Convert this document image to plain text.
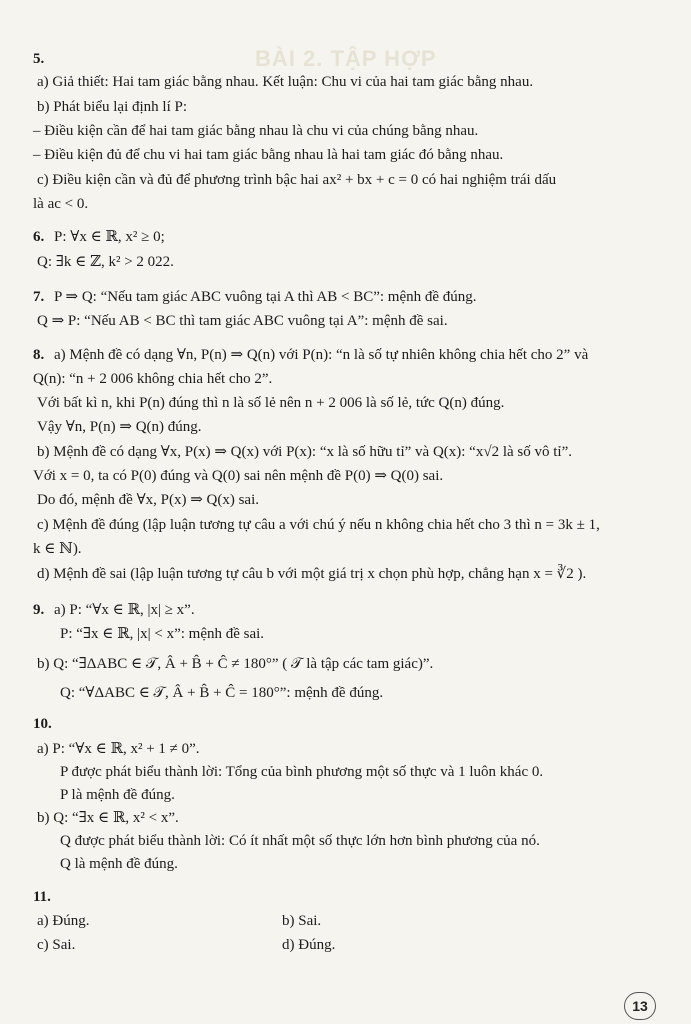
BÀI 2. TẬP HỢP
5.
a) Giả thiết: Hai tam giác bằng nhau. Kết luận: Chu vi của hai tam giác bằng nhau.
b) Phát biểu lại định lí P:
– Điều kiện cần để hai tam giác bằng nhau là chu vi của chúng bằng nhau.
– Điều kiện đủ để chu vi hai tam giác bằng nhau là hai tam giác đó bằng nhau.
c) Điều kiện cần và đủ để phương trình bậc hai ax² + bx + c = 0 có hai nghiệm trái dấu
là ac < 0.
6. P: ∀x ∈ ℝ, x² ≥ 0;
Q: ∃k ∈ ℤ, k² > 2 022.
7. P ⇒ Q: “Nếu tam giác ABC vuông tại A thì AB < BC”: mệnh đề đúng.
Q ⇒ P: “Nếu AB < BC thì tam giác ABC vuông tại A”: mệnh đề sai.
8. a) Mệnh đề có dạng ∀n, P(n) ⇒ Q(n) với P(n): “n là số tự nhiên không chia hết cho 2” và
Q(n): “n + 2 006 không chia hết cho 2”.
Với bất kì n, khi P(n) đúng thì n là số lẻ nên n + 2 006 là số lẻ, tức Q(n) đúng.
Vậy ∀n, P(n) ⇒ Q(n) đúng.
b) Mệnh đề có dạng ∀x, P(x) ⇒ Q(x) với P(x): “x là số hữu tỉ” và Q(x): “x√2 là số vô tỉ”.
Với x = 0, ta có P(0) đúng và Q(0) sai nên mệnh đề P(0) ⇒ Q(0) sai.
Do đó, mệnh đề ∀x, P(x) ⇒ Q(x) sai.
c) Mệnh đề đúng (lập luận tương tự câu a với chú ý nếu n không chia hết cho 3 thì n = 3k ± 1,
k ∈ ℕ).
d) Mệnh đề sai (lập luận tương tự câu b với một giá trị x chọn phù hợp, chẳng hạn x = ∛2 ).
9. a) P: “∀x ∈ ℝ, |x| ≥ x”.
P: “∃x ∈ ℝ, |x| < x”: mệnh đề sai.
b) Q: “∃ΔABC ∈ 𝒯, Â + B̂ + Ĉ ≠ 180°” ( 𝒯 là tập các tam giác)”.
Q: “∀ΔABC ∈ 𝒯, Â + B̂ + Ĉ = 180°”: mệnh đề đúng.
10.
a) P: “∀x ∈ ℝ, x² + 1 ≠ 0”.
P được phát biểu thành lời: Tổng của bình phương một số thực và 1 luôn khác 0.
P là mệnh đề đúng.
b) Q: “∃x ∈ ℝ, x² < x”.
Q được phát biểu thành lời: Có ít nhất một số thực lớn hơn bình phương của nó.
Q là mệnh đề đúng.
11.
a) Đúng.	b) Sai.
c) Sai.	d) Đúng.
13
